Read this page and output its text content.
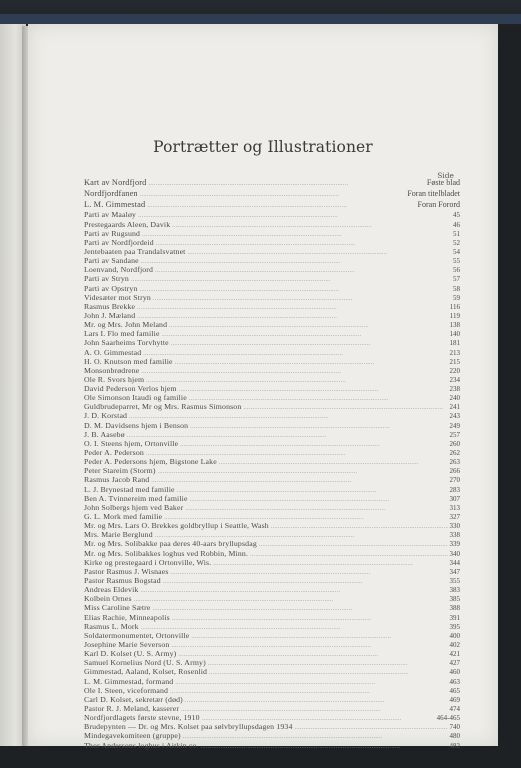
Portrætter og Illustrationer
Side
Kart av Nordfjord . . .	Føste blad
Nordfjordfanen . . .	Foran titelbladet
L. M. Gimmestad . . .	Foran Forord
Parti av Maaløy . . .	45
Prestegaards Aleen, Davik . . .	46
Parti av Rugsund . . .	51
Parti av Nordfjordeid . . .	52
Jentebaaten paa Trandalsvatnet . . .	54
Parti av Sandane . . .	55
Loenvand, Nordfjord . . .	56
Parti av Stryn . . .	57
Parti av Opstryn . . .	58
Videsæter mot Stryn . . .	59
Rasmus Brekke . . .	116
John J. Mæland . . .	119
Mr. og Mrs. John Meland . . .	138
Lars I. Flo med familie . . .	140
John Saarheims Torvhytte . . .	181
A. O. Gimmestad . . .	213
H. O. Knutson med familie . . .	215
Monsonbrødrene . . .	220
Ole R. Svors hjem . . .	234
David Pederson Verlos hjem . . .	238
Ole Simonson Itaudi og familie . . .	240
Guldbrudeparret, Mr og Mrs. Rasmus Simonson . . .	241
J. D. Korstad . . .	243
D. M. Davidsens hjem i Benson . . .	249
J. B. Aasebø . . .	257
O. I. Steens hjem, Ortonville . . .	260
Peder A. Pederson . . .	262
Peder A. Pedersons hjem, Bigstone Lake . . .	263
Peter Stareim (Storm) . . .	266
Rasmus Jacob Rand . . .	270
L. J. Brynestad med familie . . .	283
Ben A. Tvinnereim med familie . . .	307
John Solbergs hjem ved Baker . . .	313
G. L. Mork med familie . . .	327
Mr. og Mrs. Lars O. Brekkes goldbryllup i Seattle, Wash . . .	330
Mrs. Marie Berglund . . .	338
Mr. og Mrs. Solibakke paa deres 40-aars bryllupsdag . . .	339
Mr. og Mrs. Solibakkes loghus ved Robbin, Minn. . . .	340
Kirke og prestegaard i Ortonville, Wis. . . .	344
Pastor Rasmus J. Wisnaes . . .	347
Pastor Rasmus Bogstad . . .	355
Andreas Eldevik . . .	383
Kolbein Ornes . . .	385
Miss Caroline Sætre . . .	388
Elias Rachie, Minneapolis . . .	391
Rasmus L. Mork . . .	395
Soldatermonumentet, Ortonville . . .	400
Josephine Marie Severson . . .	402
Karl D. Kolset (U. S. Army) . . .	421
Samuel Kornelius Nord (U. S. Army) . . .	427
Gimmestad, Aaland, Kolset, Rosenlid . . .	460
L. M. Gimmestad, formand . . .	463
Ole I. Steen, viceformand . . .	465
Carl D. Kolset, sekretær (død) . . .	469
Pastor R. J. Meland, kasserer . . .	474
Nordfjordlagets første stevne, 1910 . . .	464-465
Brudepynten — Dr. og Mrs. Kolset paa sølvbryllupsdagen 1934 . . .	740
Mindegavekomiteen (gruppe) . . .	480
Thor Andersons loghus i Aitkin co. . . .	482
